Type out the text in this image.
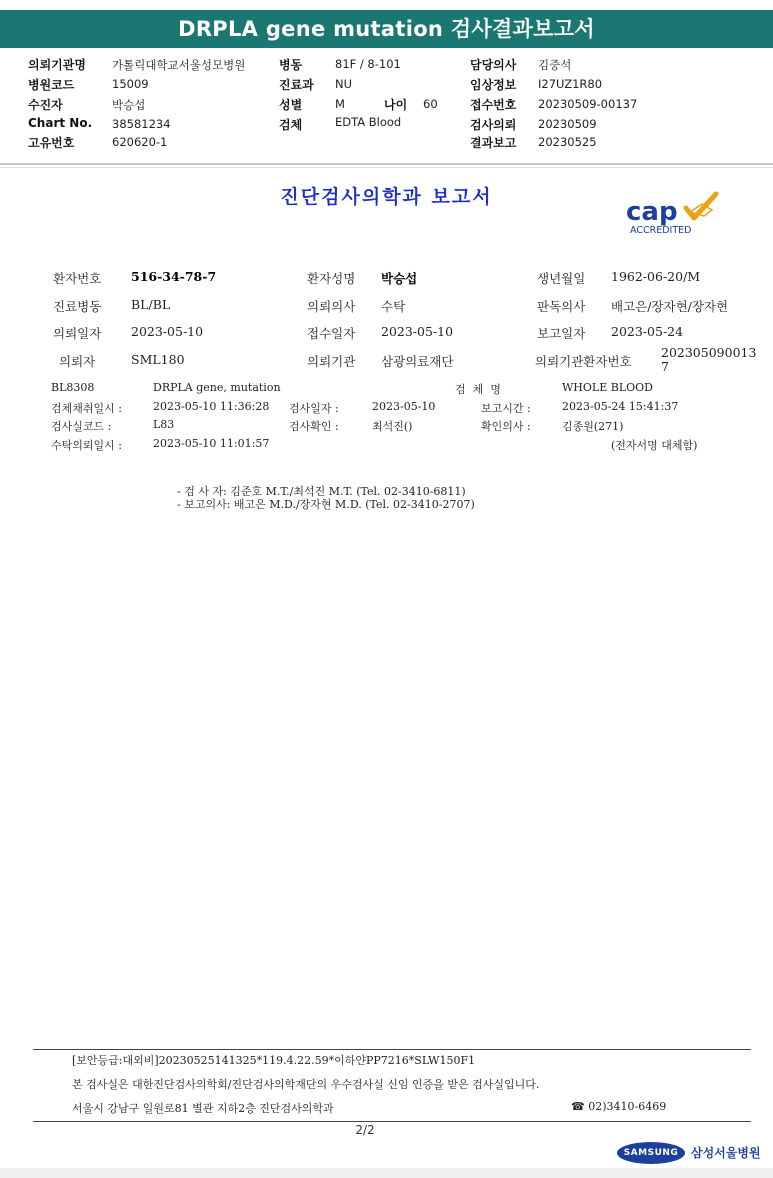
DRPLA gene mutation 검사결과보고서
의뢰기관명 가톨릭대학교서울성모병원
병원코드	15009
수진자	박승섭
Chart No. 38581234
고유번호	620620-1
병동	81F / 8-101
진료과 NU
성별	M	나이 60
검체	EDTA Blood
담당의사 김중석
임상정보 I27UZ1R80
접수번호 20230509-00137
검사의뢰 20230509
결과보고 20230525
진단검사의학과 보고서	cap
ACCREDITED
환자번호 516-34-78-7	환자성명 박승섭	생년월일 1962-06-20/M
진료병동 BL/BL	의뢰의사 수탁	판독의사 배고은/장자현/장자현
의뢰일자 2023-05-10	접수일자 2023-05-10	보고일자 2023-05-24
의뢰자	SML180	의뢰기관 삼광의료재단	의뢰기관환자번호
202305090013
7
BL8308	DRPLA gene, mutation	검  체  명	WHOLE BLOOD
검체채취일시 :	2023-05-10 11:36:28 검사일자 :	2023-05-10	보고시간 :	2023-05-24 15:41:37
검사실코드 :	L83	검사확인 :	최석진()	확인의사 :	김종원(271)
수탁의뢰일시 :	2023-05-10 11:01:57	(전자서명 대체함)
- 검 사 자: 김준호 M.T./최석진 M.T. (Tel. 02-3410-6811)
- 보고의사: 배고은 M.D./장자현 M.D. (Tel. 02-3410-2707)
[보안등급:대외비]20230525141325*119.4.22.59*이하얀PP7216*SLW150F1
본 검사실은 대한진단검사의학회/진단검사의학재단의 우수검사실 신임 인증을 받은 검사실입니다.
서울시 강남구 일원로81 별관 지하2층 진단검사의학과	☎ 02)3410-6469
2/2
SAMSUNG	삼성서울병원
